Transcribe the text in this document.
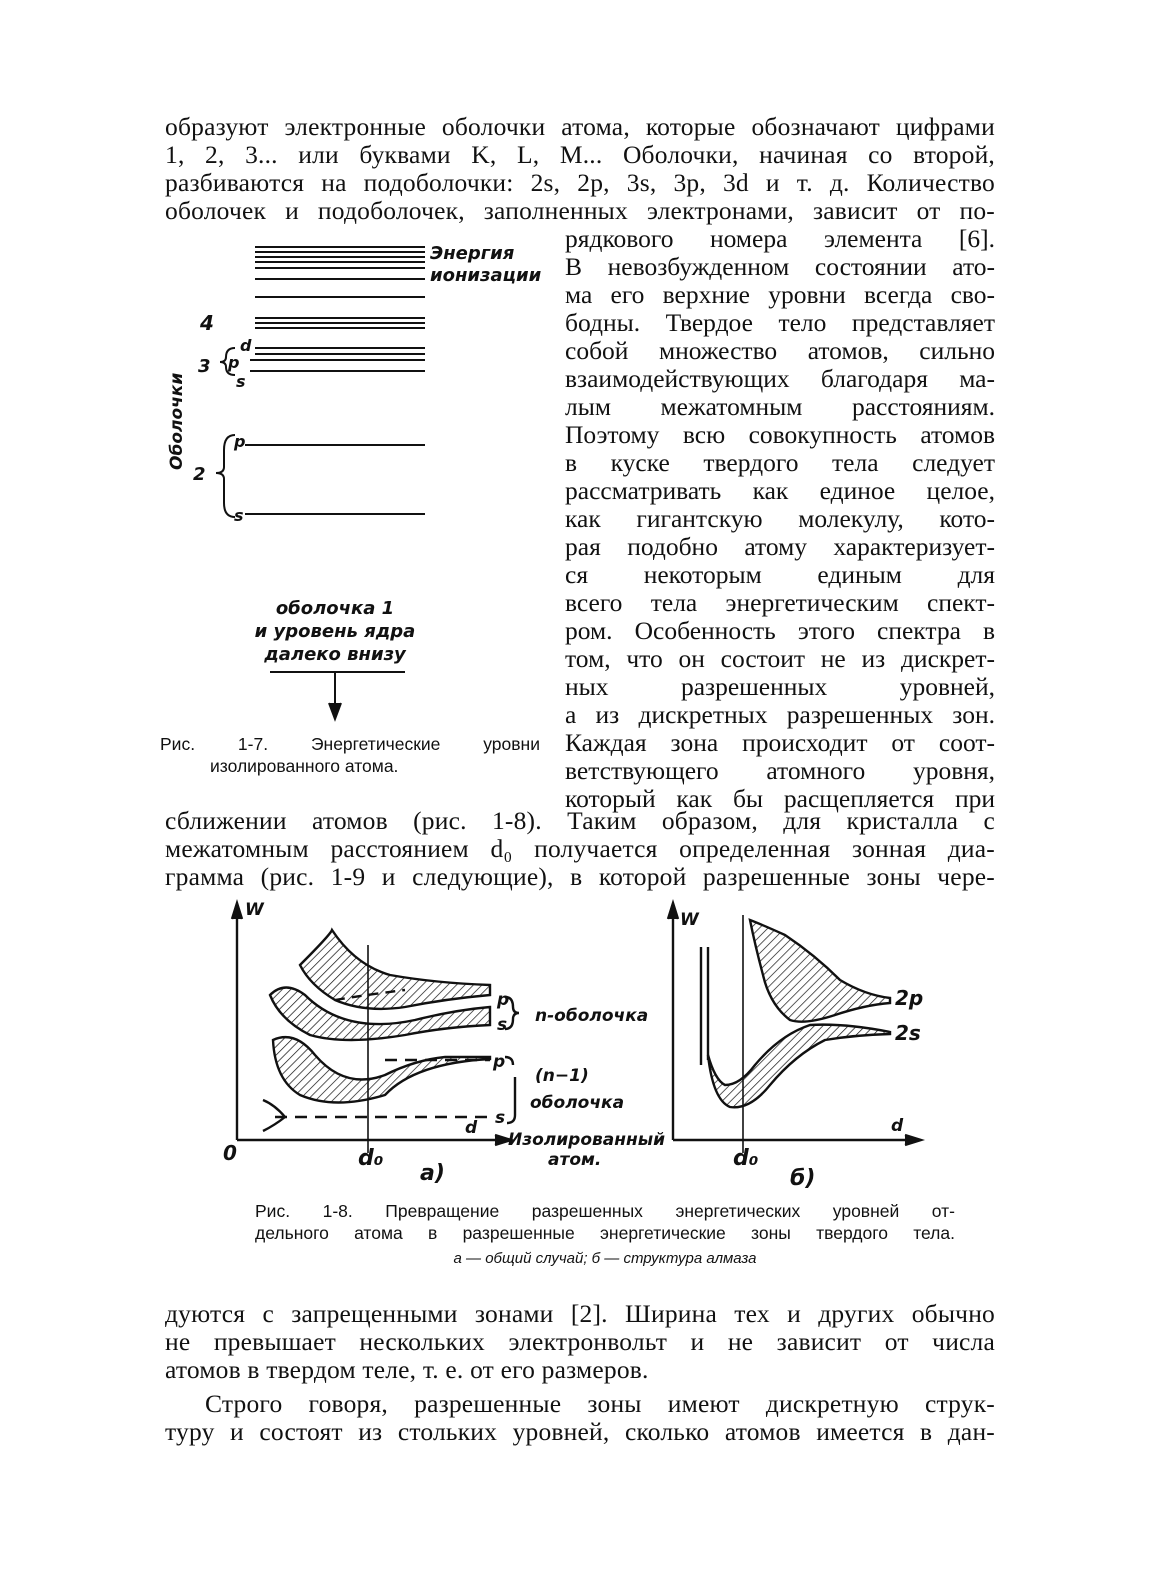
образуют электронные оболочки атома, которые обозначают цифрами
1, 2, 3... или буквами K, L, M... Оболочки, начиная со второй,
разбиваются на подоболочки: 2s, 2p, 3s, 3p, 3d и т. д. Количество
оболочек и подоболочек, заполненных электронами, зависит от по-
рядкового номера элемента [6].
В невозбужденном состоянии ато-
ма его верхние уровни всегда сво-
бодны. Твердое тело представляет
собой множество атомов, сильно
взаимодействующих благодаря ма-
лым межатомным расстояниям.
Поэтому всю совокупность атомов
в куске твердого тела следует
рассматривать как единое целое,
как гигантскую молекулу, кото-
рая подобно атому характеризует-
ся некоторым единым для
всего тела энергетическим спект-
ром. Особенность этого спектра в
том, что он состоит не из дискрет-
ных разрешенных уровней,
а из дискретных разрешенных зон.
Каждая зона происходит от соот-
ветствующего атомного уровня,
который как бы расщепляется при
Энергия
ионизации
4
3
d
p
s
2
p
s
Оболочки
оболочка 1
и уровень ядра
далеко внизу
Рис. 1-7. Энергетические уровни
изолированного атома.
сближении атомов (рис. 1-8). Таким образом, для кристалла с
межатомным расстоянием d₀ получается определенная зонная диа-
грамма (рис. 1-9 и следующие), в которой разрешенные зоны чере-
W
0
d
d₀
Изолированный
атом.
p
s n-оболочка
p
(n−1)
оболочка
s
а)
W
d
d₀
2p
2s
б)
Рис. 1-8. Превращение разрешенных энергетических уровней от-
дельного атома в разрешенные энергетические зоны твердого тела.
а — общий случай; б — структура алмаза
дуются с запрещенными зонами [2]. Ширина тех и других обычно
не превышает нескольких электронвольт и не зависит от числа
атомов в твердом теле, т. е. от его размеров.
Строго говоря, разрешенные зоны имеют дискретную струк-
туру и состоят из стольких уровней, сколько атомов имеется в дан-
